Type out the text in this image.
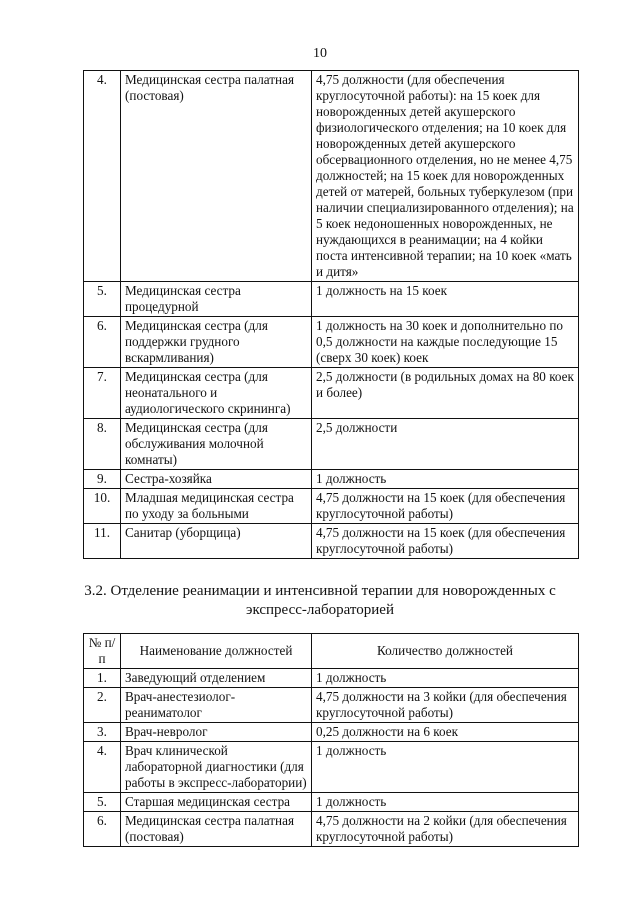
10
4.	Медицинская сестра палатная (постовая)	4,75 должности (для обеспечения круглосуточной работы): на 15 коек для новорожденных детей акушерского физиологического отделения; на 10 коек для новорожденных детей акушерского обсервационного отделения, но не менее 4,75 должностей; на 15 коек для новорожденных детей от матерей, больных туберкулезом (при наличии специализированного отделения); на 5 коек недоношенных новорожденных, не нуждающихся в реанимации; на 4 койки поста интенсивной терапии; на 10 коек «мать и дитя»
5.	Медицинская сестра процедурной	1 должность на 15 коек
6.	Медицинская сестра (для поддержки грудного вскармливания)	1 должность на 30 коек и дополнительно по 0,5 должности на каждые последующие 15 (сверх 30 коек) коек
7.	Медицинская сестра (для неонатального и аудиологического скрининга)	2,5 должности (в родильных домах на 80 коек и более)
8.	Медицинская сестра (для обслуживания молочной комнаты)	2,5 должности
9.	Сестра-хозяйка	1 должность
10.	Младшая медицинская сестра по уходу за больными	4,75 должности на 15 коек (для обеспечения круглосуточной работы)
11.	Санитар (уборщица)	4,75 должности на 15 коек (для обеспечения круглосуточной работы)
3.2. Отделение реанимации и интенсивной терапии для новорожденных с
экспресс-лабораторией
№ п/п	Наименование должностей	Количество должностей
1.	Заведующий отделением	1 должность
2.	Врач-анестезиолог-реаниматолог	4,75 должности на 3 койки (для обеспечения круглосуточной работы)
3.	Врач-невролог	0,25 должности на 6 коек
4.	Врач клинической лабораторной диагностики (для работы в экспресс-лаборатории)	1 должность
5.	Старшая медицинская сестра	1 должность
6.	Медицинская сестра палатная (постовая)	4,75 должности на 2 койки (для обеспечения круглосуточной работы)
